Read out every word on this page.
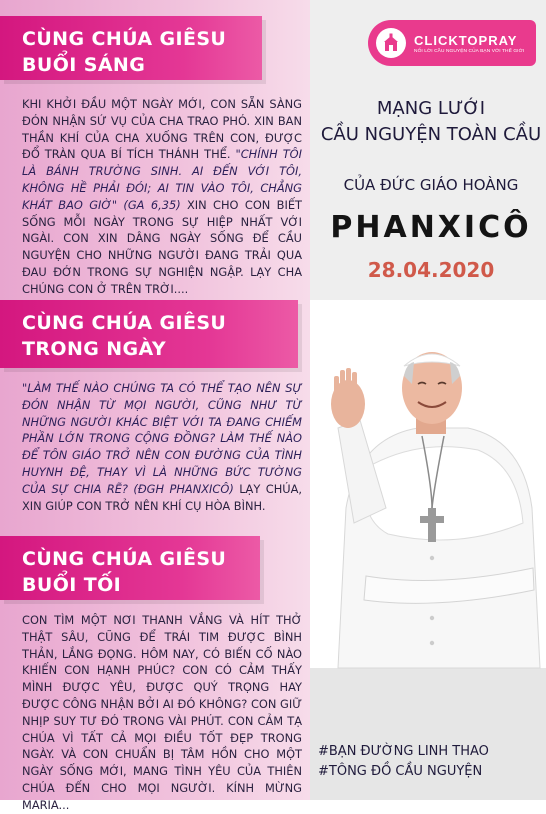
CÙNG CHÚA GIÊSU
BUỔI SÁNG

KHI KHỞI ĐẦU MỘT NGÀY MỚI, CON SẴN SÀNG ĐÓN NHẬN SỨ VỤ CỦA CHA TRAO PHÓ. XIN BAN THẦN KHÍ CỦA CHA XUỐNG TRÊN CON, ĐƯỢC ĐỔ TRÀN QUA BÍ TÍCH THÁNH THỂ. "CHÍNH TÔI LÀ BÁNH TRƯỜNG SINH. AI ĐẾN VỚI TÔI, KHÔNG HỀ PHẢI ĐÓI; AI TIN VÀO TÔI, CHẲNG KHÁT BAO GIỜ" (GA 6,35) XIN CHO CON BIẾT SỐNG MỖI NGÀY TRONG SỰ HIỆP NHẤT VỚI NGÀI. CON XIN DÂNG NGÀY SỐNG ĐỂ CẦU NGUYỆN CHO NHỮNG NGƯỜI ĐANG TRẢI QUA ĐAU ĐỚN TRONG SỰ NGHIỆN NGẬP. LẠY CHA CHÚNG CON Ở TRÊN TRỜI....

CÙNG CHÚA GIÊSU
TRONG NGÀY

"LÀM THẾ NÀO CHÚNG TA CÓ THỂ TẠO NÊN SỰ ĐÓN NHẬN TỪ MỌI NGƯỜI, CŨNG NHƯ TỪ NHỮNG NGƯỜI KHÁC BIỆT VỚI TA ĐANG CHIẾM PHẦN LỚN TRONG CỘNG ĐỒNG? LÀM THẾ NÀO ĐỂ TÔN GIÁO TRỞ NÊN CON ĐƯỜNG CỦA TÌNH HUYNH ĐỆ, THAY VÌ LÀ NHỮNG BỨC TƯỜNG CỦA SỰ CHIA RẼ? (ĐGH PHANXICÔ) LẠY CHÚA, XIN GIÚP CON TRỞ NÊN KHÍ CỤ HÒA BÌNH.

CÙNG CHÚA GIÊSU
BUỔI TỐI

CON TÌM MỘT NƠI THANH VẮNG VÀ HÍT THỞ THẬT SÂU, CŨNG ĐỂ TRÁI TIM ĐƯỢC BÌNH THẢN, LẮNG ĐỌNG. HÔM NAY, CÓ BIẾN CỐ NÀO KHIẾN CON HẠNH PHÚC? CON CÓ CẢM THẤY MÌNH ĐƯỢC YÊU, ĐƯỢC QUÝ TRỌNG HAY ĐƯỢC CÔNG NHẬN BỞI AI ĐÓ KHÔNG? CON GIỮ NHỊP SUY TƯ ĐÓ TRONG VÀI PHÚT. CON CẢM TẠ CHÚA VÌ TẤT CẢ MỌI ĐIỀU TỐT ĐẸP TRONG NGÀY. VÀ CON CHUẨN BỊ TÂM HỒN CHO MỘT NGÀY SỐNG MỚI, MANG TÌNH YÊU CỦA THIÊN CHÚA ĐẾN CHO MỌI NGƯỜI. KÍNH MỪNG MARIA...

CLICKTOPRAY
NỐI LỜI CẦU NGUYỆN CỦA BẠN VỚI THẾ GIỚI
MẠNG LƯỚI
CẦU NGUYỆN TOÀN CẦU
CỦA ĐỨC GIÁO HOÀNG
PHANXICÔ
28.04.2020
#BẠN ĐƯỜNG LINH THAO
#TÔNG ĐỒ CẦU NGUYỆN
